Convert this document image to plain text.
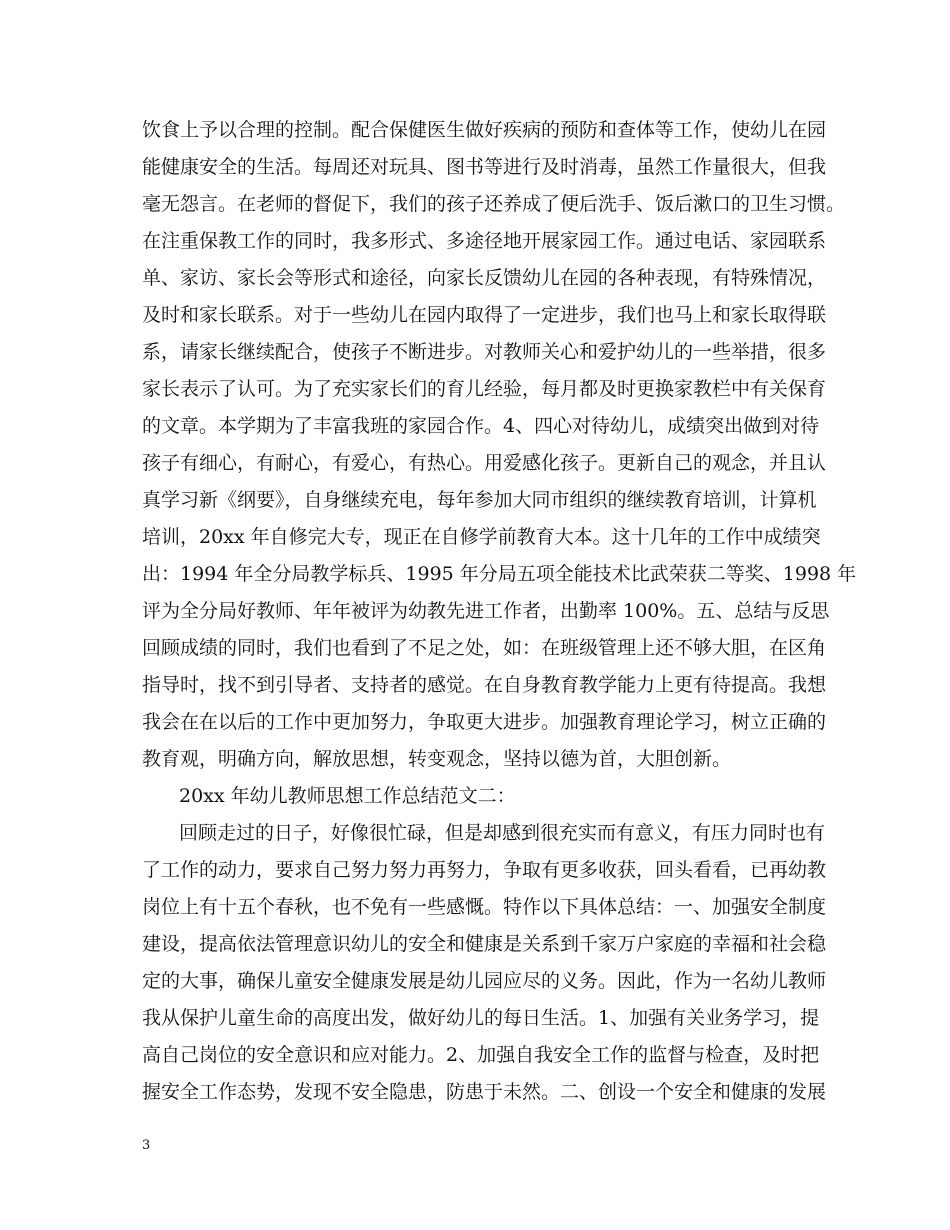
饮食上予以合理的控制。配合保健医生做好疾病的预防和查体等工作，使幼儿在园
能健康安全的生活。每周还对玩具、图书等进行及时消毒，虽然工作量很大，但我
毫无怨言。在老师的督促下，我们的孩子还养成了便后洗手、饭后漱口的卫生习惯。
在注重保教工作的同时，我多形式、多途径地开展家园工作。通过电话、家园联系
单、家访、家长会等形式和途径，向家长反馈幼儿在园的各种表现，有特殊情况，
及时和家长联系。对于一些幼儿在园内取得了一定进步，我们也马上和家长取得联
系，请家长继续配合，使孩子不断进步。对教师关心和爱护幼儿的一些举措，很多
家长表示了认可。为了充实家长们的育儿经验，每月都及时更换家教栏中有关保育
的文章。本学期为了丰富我班的家园合作。4、四心对待幼儿，成绩突出做到对待
孩子有细心，有耐心，有爱心，有热心。用爱感化孩子。更新自己的观念，并且认
真学习新《纲要》，自身继续充电，每年参加大同市组织的继续教育培训，计算机
培训，20xx 年自修完大专，现正在自修学前教育大本。这十几年的工作中成绩突
出：1994 年全分局教学标兵、1995 年分局五项全能技术比武荣获二等奖、1998 年
评为全分局好教师、年年被评为幼教先进工作者，出勤率 100%。五、总结与反思
回顾成绩的同时，我们也看到了不足之处，如：在班级管理上还不够大胆，在区角
指导时，找不到引导者、支持者的感觉。在自身教育教学能力上更有待提高。我想
我会在在以后的工作中更加努力，争取更大进步。加强教育理论学习，树立正确的
教育观，明确方向，解放思想，转变观念，坚持以德为首，大胆创新。
20xx 年幼儿教师思想工作总结范文二：
回顾走过的日子，好像很忙碌，但是却感到很充实而有意义，有压力同时也有
了工作的动力，要求自己努力努力再努力，争取有更多收获，回头看看，已再幼教
岗位上有十五个春秋，也不免有一些感慨。特作以下具体总结：一、加强安全制度
建设，提高依法管理意识幼儿的安全和健康是关系到千家万户家庭的幸福和社会稳
定的大事，确保儿童安全健康发展是幼儿园应尽的义务。因此，作为一名幼儿教师
我从保护儿童生命的高度出发，做好幼儿的每日生活。1、加强有关业务学习，提
高自己岗位的安全意识和应对能力。2、加强自我安全工作的监督与检查，及时把
握安全工作态势，发现不安全隐患，防患于未然。二、创设一个安全和健康的发展
3
